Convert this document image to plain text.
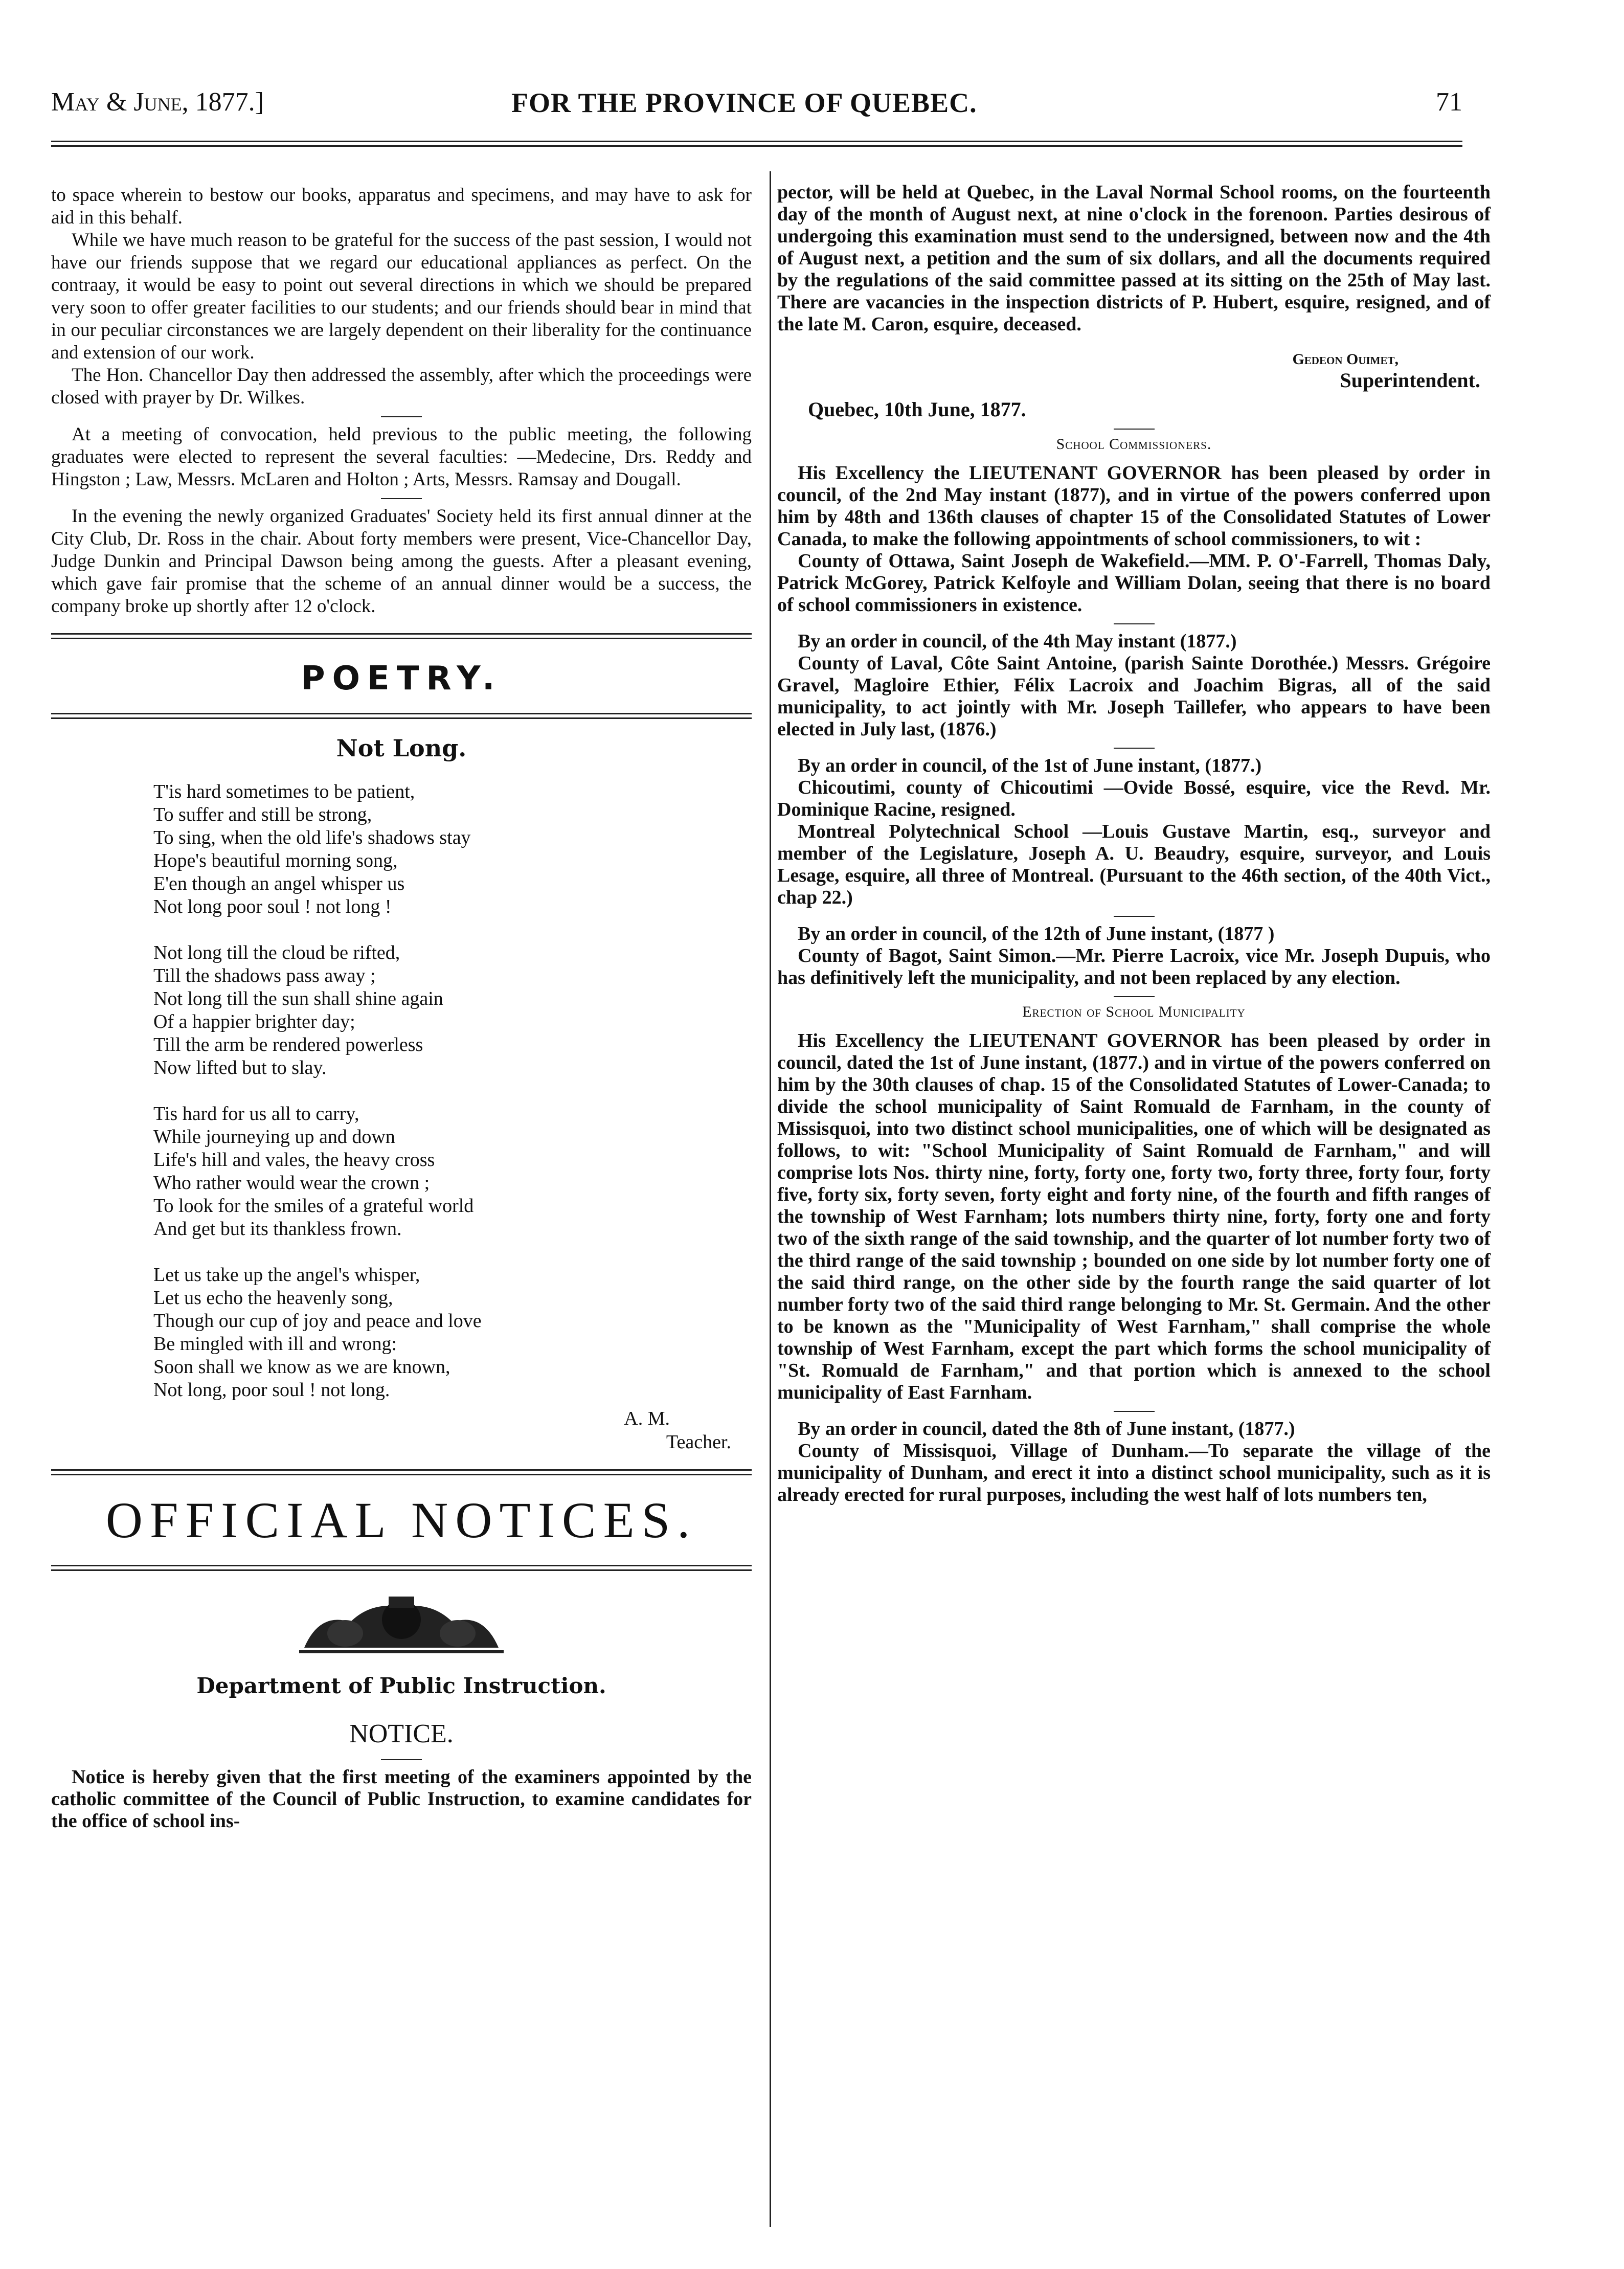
May & June, 1877.]	FOR THE PROVINCE OF QUEBEC.	71

to space wherein to bestow our books, apparatus and specimens, and may have to ask for aid in this behalf.

While we have much reason to be grateful for the success of the past session, I would not have our friends suppose that we regard our educational appliances as perfect. On the contraay, it would be easy to point out several directions in which we should be prepared very soon to offer greater facilities to our students; and our friends should bear in mind that in our peculiar circonstances we are largely dependent on their liberality for the continuance and extension of our work.

The Hon. Chancellor Day then addressed the assembly, after which the proceedings were closed with prayer by Dr. Wilkes.

At a meeting of convocation, held previous to the public meeting, the following graduates were elected to represent the several faculties: —Medecine, Drs. Reddy and Hingston ; Law, Messrs. McLaren and Holton ; Arts, Messrs. Ramsay and Dougall.

In the evening the newly organized Graduates' Society held its first annual dinner at the City Club, Dr. Ross in the chair. About forty members were present, Vice-Chancellor Day, Judge Dunkin and Principal Dawson being among the guests. After a pleasant evening, which gave fair promise that the scheme of an annual dinner would be a success, the company broke up shortly after 12 o'clock.

POETRY.
Not Long.
T'is hard sometimes to be patient,
To suffer and still be strong,
To sing, when the old life's shadows stay
Hope's beautiful morning song,
E'en though an angel whisper us
Not long poor soul ! not long !
Not long till the cloud be rifted,
Till the shadows pass away ;
Not long till the sun shall shine again
Of a happier brighter day;
Till the arm be rendered powerless
Now lifted but to slay.
Tis hard for us all to carry,
While journeying up and down
Life's hill and vales, the heavy cross
Who rather would wear the crown ;
To look for the smiles of a grateful world
And get but its thankless frown.
Let us take up the angel's whisper,
Let us echo the heavenly song,
Though our cup of joy and peace and love
Be mingled with ill and wrong:
Soon shall we know as we are known,
Not long, poor soul ! not long.
A. M.
Teacher.
OFFICIAL NOTICES.
Department of Public Instruction.
NOTICE.

Notice is hereby given that the first meeting of the examiners appointed by the catholic committee of the Council of Public Instruction, to examine candidates for the office of school ins-

pector, will be held at Quebec, in the Laval Normal School rooms, on the fourteenth day of the month of August next, at nine o'clock in the forenoon. Parties desirous of undergoing this examination must send to the undersigned, between now and the 4th of August next, a petition and the sum of six dollars, and all the documents required by the regulations of the said committee passed at its sitting on the 25th of May last. There are vacancies in the inspection districts of P. Hubert, esquire, resigned, and of the late M. Caron, esquire, deceased.

Gedeon Ouimet,
Superintendent.
Quebec, 10th June, 1877.
School Commissioners.

His Excellency the LIEUTENANT GOVERNOR has been pleased by order in council, of the 2nd May instant (1877), and in virtue of the powers conferred upon him by 48th and 136th clauses of chapter 15 of the Consolidated Statutes of Lower Canada, to make the following appointments of school commissioners, to wit :

County of Ottawa, Saint Joseph de Wakefield.—MM. P. O'-Farrell, Thomas Daly, Patrick McGorey, Patrick Kelfoyle and William Dolan, seeing that there is no board of school commissioners in existence.

By an order in council, of the 4th May instant (1877.)

County of Laval, Côte Saint Antoine, (parish Sainte Dorothée.) Messrs. Grégoire Gravel, Magloire Ethier, Félix Lacroix and Joachim Bigras, all of the said municipality, to act jointly with Mr. Joseph Taillefer, who appears to have been elected in July last, (1876.)

By an order in council, of the 1st of June instant, (1877.)

Chicoutimi, county of Chicoutimi —Ovide Bossé, esquire, vice the Revd. Mr. Dominique Racine, resigned.

Montreal Polytechnical School —Louis Gustave Martin, esq., surveyor and member of the Legislature, Joseph A. U. Beaudry, esquire, surveyor, and Louis Lesage, esquire, all three of Montreal. (Pursuant to the 46th section, of the 40th Vict., chap 22.)

By an order in council, of the 12th of June instant, (1877 )

County of Bagot, Saint Simon.—Mr. Pierre Lacroix, vice Mr. Joseph Dupuis, who has definitively left the municipality, and not been replaced by any election.

Erection of School Municipality

His Excellency the LIEUTENANT GOVERNOR has been pleased by order in council, dated the 1st of June instant, (1877.) and in virtue of the powers conferred on him by the 30th clauses of chap. 15 of the Consolidated Statutes of Lower-Canada; to divide the school municipality of Saint Romuald de Farnham, in the county of Missisquoi, into two distinct school municipalities, one of which will be designated as follows, to wit: "School Municipality of Saint Romuald de Farnham," and will comprise lots Nos. thirty nine, forty, forty one, forty two, forty three, forty four, forty five, forty six, forty seven, forty eight and forty nine, of the fourth and fifth ranges of the township of West Farnham; lots numbers thirty nine, forty, forty one and forty two of the sixth range of the said township, and the quarter of lot number forty two of the third range of the said township ; bounded on one side by lot number forty one of the said third range, on the other side by the fourth range the said quarter of lot number forty two of the said third range belonging to Mr. St. Germain. And the other to be known as the "Municipality of West Farnham," shall comprise the whole township of West Farnham, except the part which forms the school municipality of "St. Romuald de Farnham," and that portion which is annexed to the school municipality of East Farnham.

By an order in council, dated the 8th of June instant, (1877.)

County of Missisquoi, Village of Dunham.—To separate the village of the municipality of Dunham, and erect it into a distinct school municipality, such as it is already erected for rural purposes, including the west half of lots numbers ten,
